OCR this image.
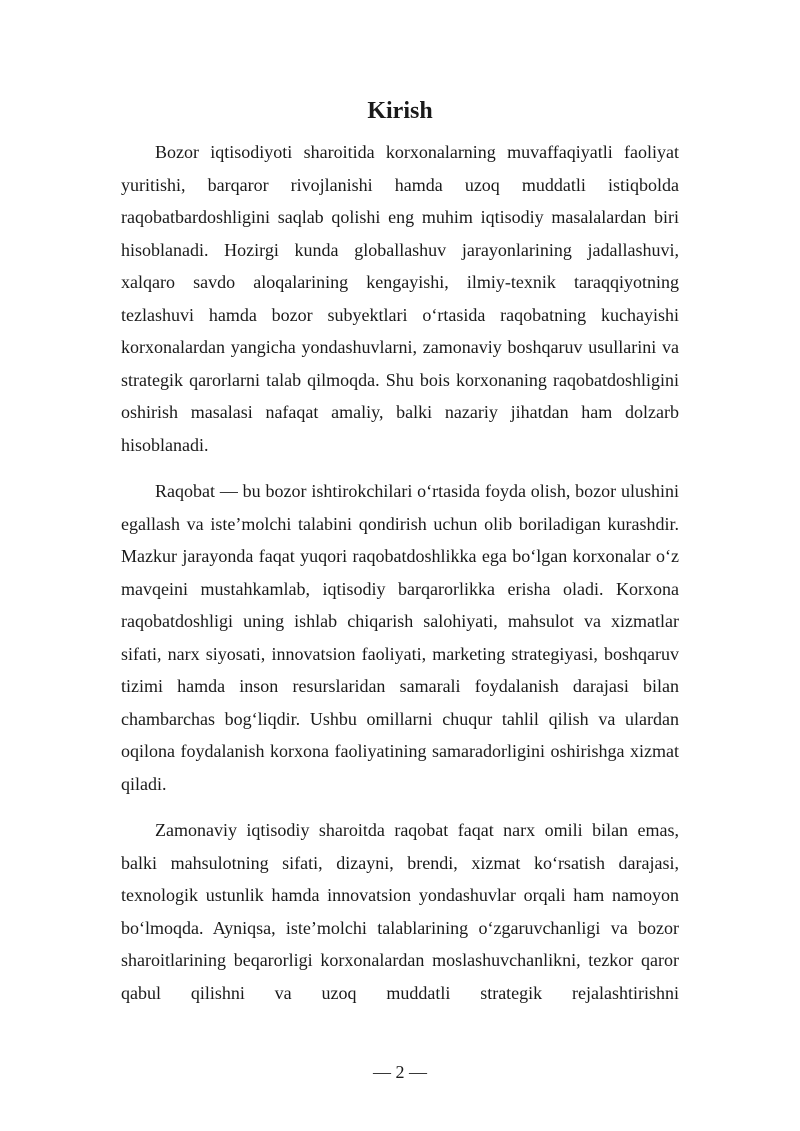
Kirish

Bozor iqtisodiyoti sharoitida korxonalarning muvaffaqiyatli faoliyat yuritishi, barqaror rivojlanishi hamda uzoq muddatli istiqbolda raqobatbardoshligini saqlab qolishi eng muhim iqtisodiy masalalardan biri hisoblanadi. Hozirgi kunda globallashuv jarayonlarining jadallashuvi, xalqaro savdo aloqalarining kengayishi, ilmiy-texnik taraqqiyotning tezlashuvi hamda bozor subyektlari oʻrtasida raqobatning kuchayishi korxonalardan yangicha yondashuvlarni, zamonaviy boshqaruv usullarini va strategik qarorlarni talab qilmoqda. Shu bois korxonaning raqobatdoshligini oshirish masalasi nafaqat amaliy, balki nazariy jihatdan ham dolzarb hisoblanadi.

Raqobat — bu bozor ishtirokchilari oʻrtasida foyda olish, bozor ulushini egallash va iste’molchi talabini qondirish uchun olib boriladigan kurashdir. Mazkur jarayonda faqat yuqori raqobatdoshlikka ega boʻlgan korxonalar oʻz mavqeini mustahkamlab, iqtisodiy barqarorlikka erisha oladi. Korxona raqobatdoshligi uning ishlab chiqarish salohiyati, mahsulot va xizmatlar sifati, narx siyosati, innovatsion faoliyati, marketing strategiyasi, boshqaruv tizimi hamda inson resurslaridan samarali foydalanish darajasi bilan chambarchas bogʻliqdir. Ushbu omillarni chuqur tahlil qilish va ulardan oqilona foydalanish korxona faoliyatining samaradorligini oshirishga xizmat qiladi.

Zamonaviy iqtisodiy sharoitda raqobat faqat narx omili bilan emas, balki mahsulotning sifati, dizayni, brendi, xizmat koʻrsatish darajasi, texnologik ustunlik hamda innovatsion yondashuvlar orqali ham namoyon boʻlmoqda. Ayniqsa, iste’molchi talablarining oʻzgaruvchanligi va bozor sharoitlarining beqarorligi korxonalardan moslashuvchanlikni, tezkor qaror qabul qilishni va uzoq muddatli strategik rejalashtirishni

— 2 —
